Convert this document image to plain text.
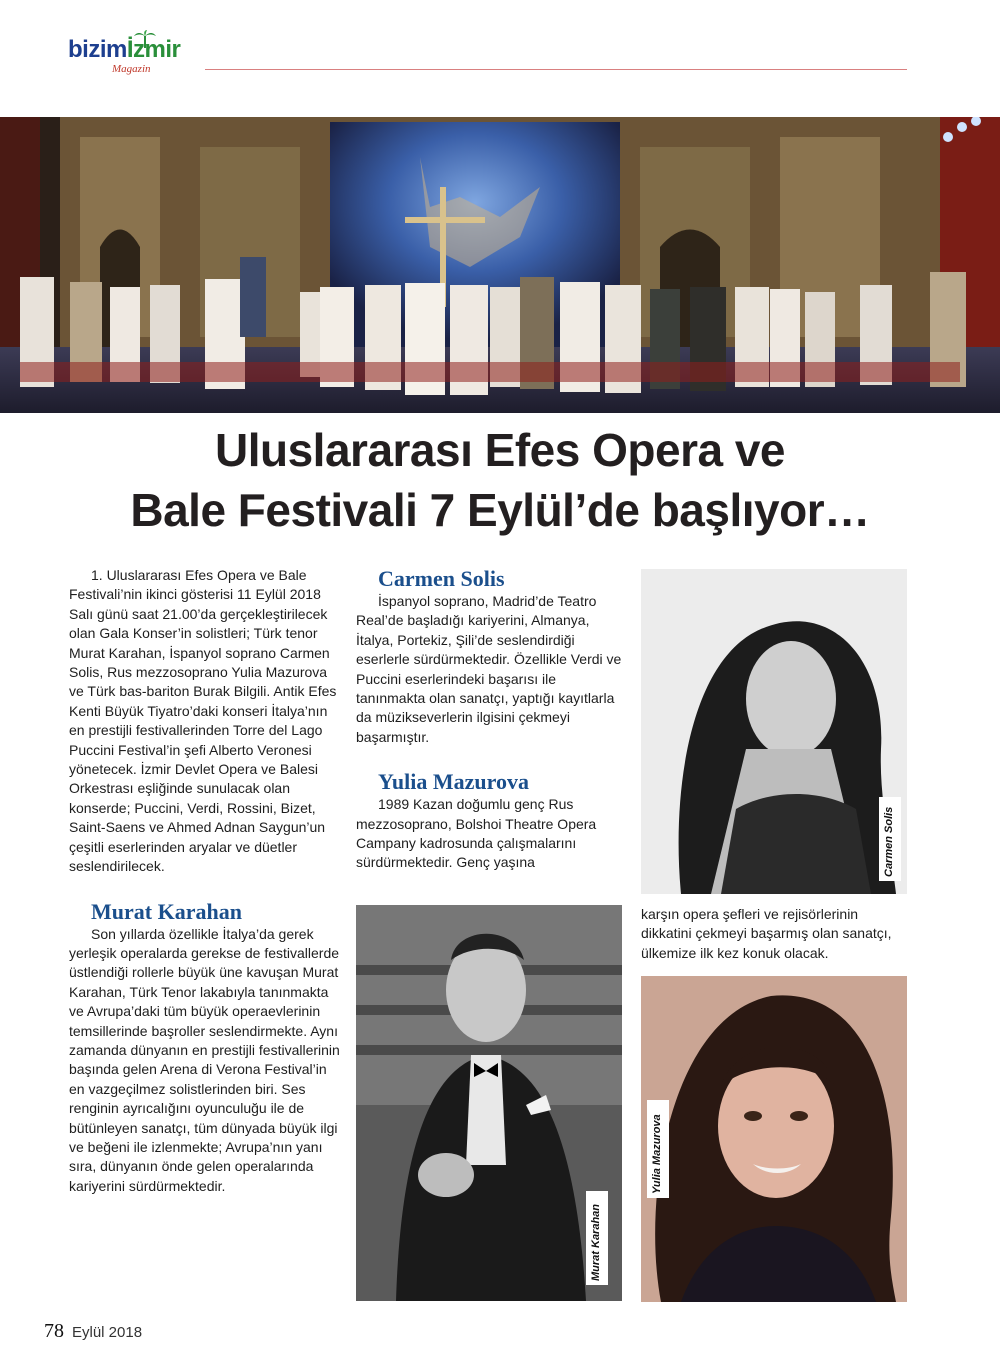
bizimİzmir
Magazin
Uluslararası Efes Opera ve
Bale Festivali 7 Eylül’de başlıyor…

1. Uluslararası Efes Opera ve Bale Festivali’nin ikinci gösterisi 11 Eylül 2018 Salı günü saat 21.00’da gerçekleştirilecek olan Gala Konser’in solistleri; Türk tenor Murat Karahan, İspanyol soprano Carmen Solis, Rus mezzosoprano Yulia Mazurova ve Türk bas-bariton Burak Bilgili. Antik Efes Kenti Büyük Tiyatro’daki konseri İtalya’nın en prestijli festivallerinden Torre del Lago Puccini Festival’in şefi Alberto Veronesi yönetecek. İzmir Devlet Opera ve Balesi Orkestrası eşliğinde sunulacak olan konserde; Puccini, Verdi, Rossini, Bizet, Saint-Saens ve Ahmed Adnan Saygun’un çeşitli eserlerinden aryalar ve düetler seslendirilecek.

Murat Karahan

Son yıllarda özellikle İtalya’da gerek yerleşik operalarda gerekse de festivallerde üstlendiği rollerle büyük üne kavuşan Murat Karahan, Türk Tenor lakabıyla tanınmakta ve Avrupa’daki tüm büyük operaevlerinin temsillerinde başroller seslendirmekte. Aynı zamanda dünyanın en prestijli festivallerinin başında gelen Arena di Verona Festival’in en vazgeçilmez solistlerinden biri. Ses renginin ayrıcalığını oyunculuğu ile de bütünleyen sanatçı, tüm dünyada büyük ilgi ve beğeni ile izlenmekte; Avrupa’nın yanı sıra, dünyanın önde gelen operalarında kariyerini sürdürmektedir.

Carmen Solis

İspanyol soprano, Madrid’de Teatro Real’de başladığı kariyerini, Almanya, İtalya, Portekiz, Şili’de seslendirdiği eserlerle sürdürmektedir. Özellikle Verdi ve Puccini eserlerindeki başarısı ile tanınmakta olan sanatçı, yaptığı kayıtlarla da müzikseverlerin ilgisini çekmeyi başarmıştır.

Yulia Mazurova

1989 Kazan doğumlu genç Rus mezzosoprano, Bolshoi Theatre Opera Campany kadrosunda çalışmalarını sürdürmektedir. Genç yaşına

karşın opera şefleri ve rejisörlerinin dikkatini çekmeyi başarmış olan sanatçı, ülkemize ilk kez konuk olacak.

Carmen Solis
Murat Karahan
Yulia Mazurova
78 Eylül 2018
